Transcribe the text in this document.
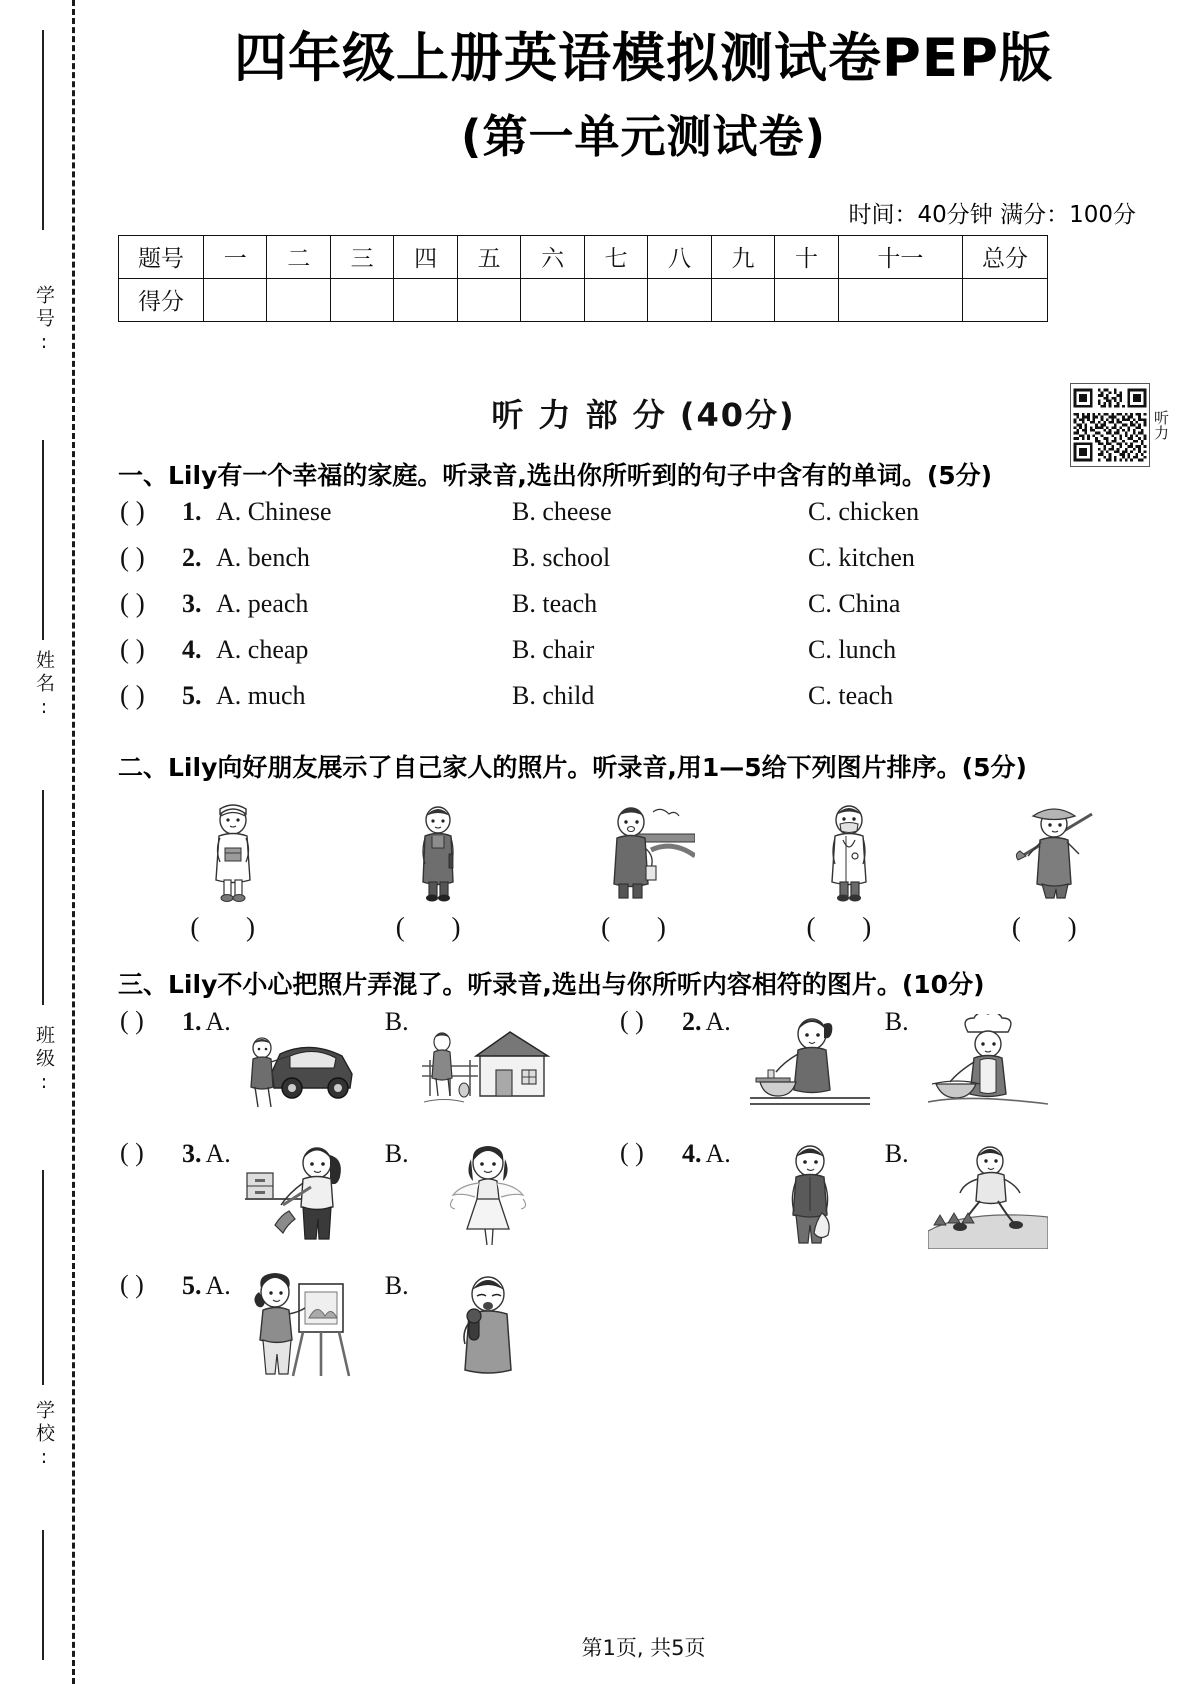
学号:
姓名:
班级:
学校:
四年级上册英语模拟测试卷PEP版
(第一单元测试卷)
时间：40分钟 满分：100分
题号	一	二	三	四	五	六	七	八	九	十	十一	总分
得分												
听力
听 力 部 分 (40分)
一、Lily有一个幸福的家庭。听录音,选出你所听到的句子中含有的单词。(5分)
( )	1. A. Chinese	B. cheese	C. chicken
( )	2. A. bench	B. school	C. kitchen
( )	3. A. peach	B. teach	C. China
( )	4. A. cheap	B. chair	C. lunch
( )	5. A. much	B. child	C. teach
二、Lily向好朋友展示了自己家人的照片。听录音,用1—5给下列图片排序。(5分)
( )	( )	( )	( )	( )
三、Lily不小心把照片弄混了。听录音,选出与你所听内容相符的图片。(10分)
( )	1. A.	B.	( )	2. A.	B.
( )	3. A.	B.	( )	4. A.	B.
( )	5. A.	B.
第1页, 共5页
